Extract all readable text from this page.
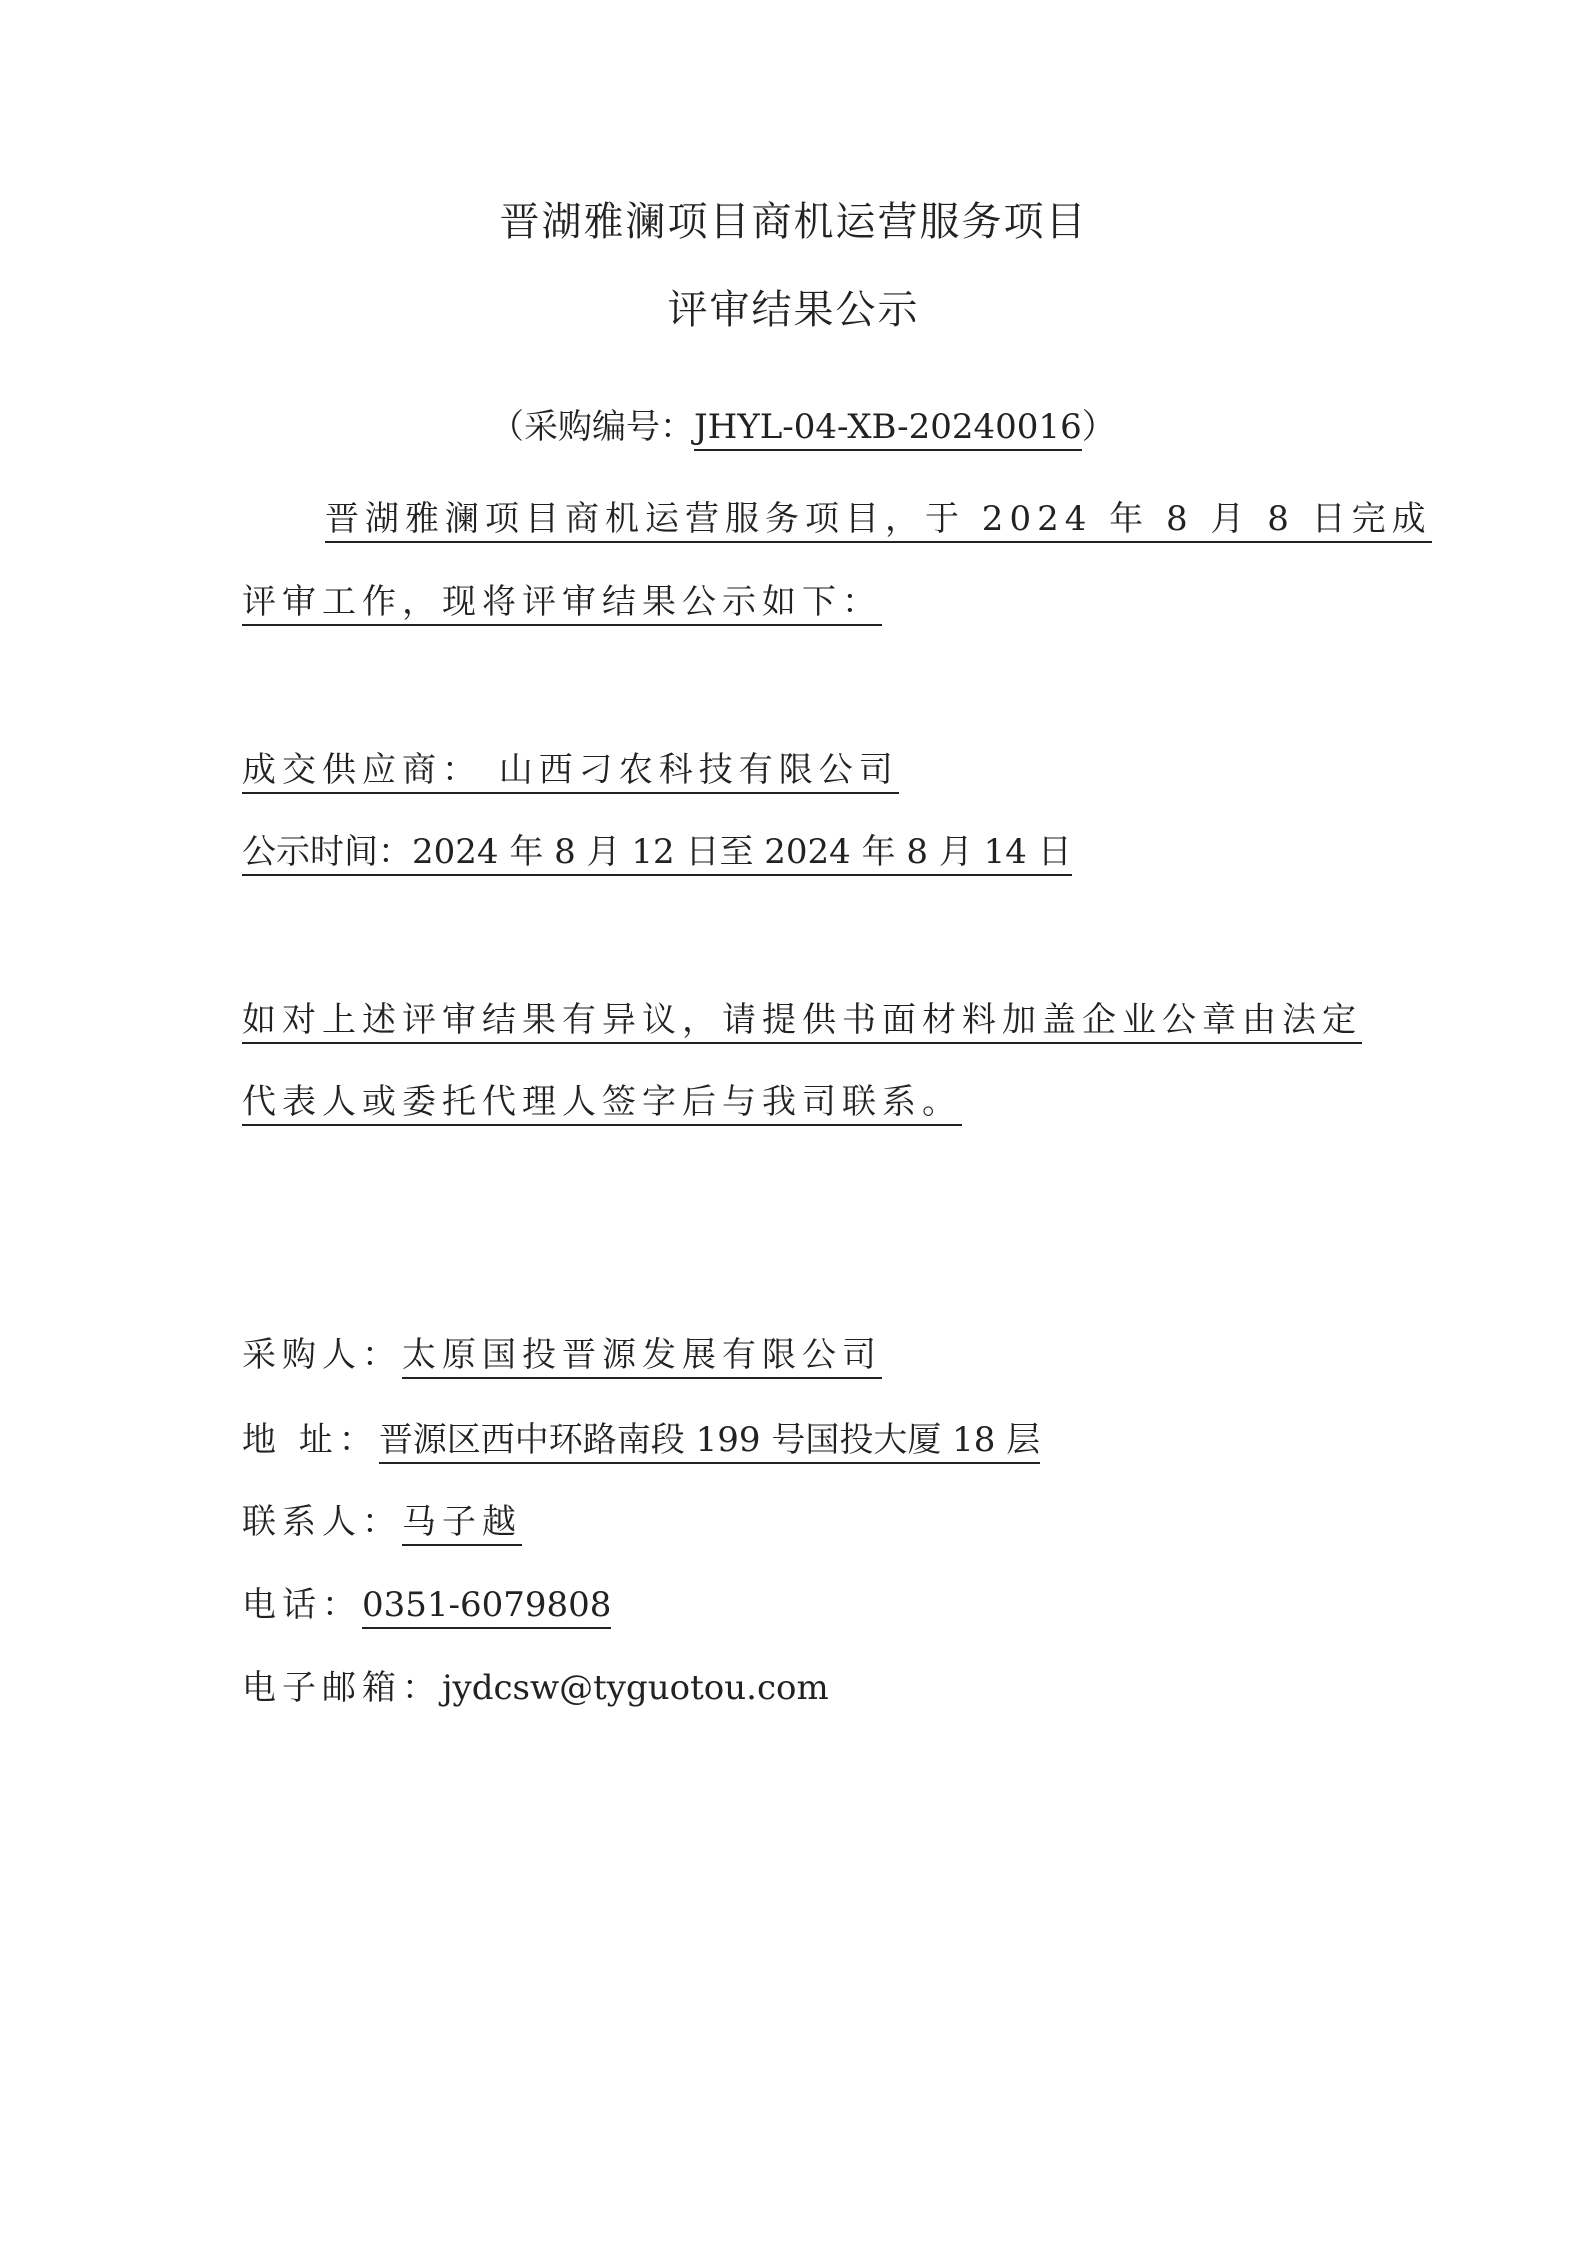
晋湖雅澜项目商机运营服务项目
评审结果公示
（采购编号：JHYL-04-XB-20240016）
晋湖雅澜项目商机运营服务项目，于 2024 年 8 月 8 日完成
评审工作，现将评审结果公示如下：
成交供应商： 山西刁农科技有限公司
公示时间：2024 年 8 月 12 日至 2024 年 8 月 14 日
如对上述评审结果有异议，请提供书面材料加盖企业公章由法定
代表人或委托代理人签字后与我司联系。
采购人：太原国投晋源发展有限公司
地 址：晋源区西中环路南段 199 号国投大厦 18 层
联系人：马子越
电话：0351-6079808
电子邮箱：jydcsw@tyguotou.com
